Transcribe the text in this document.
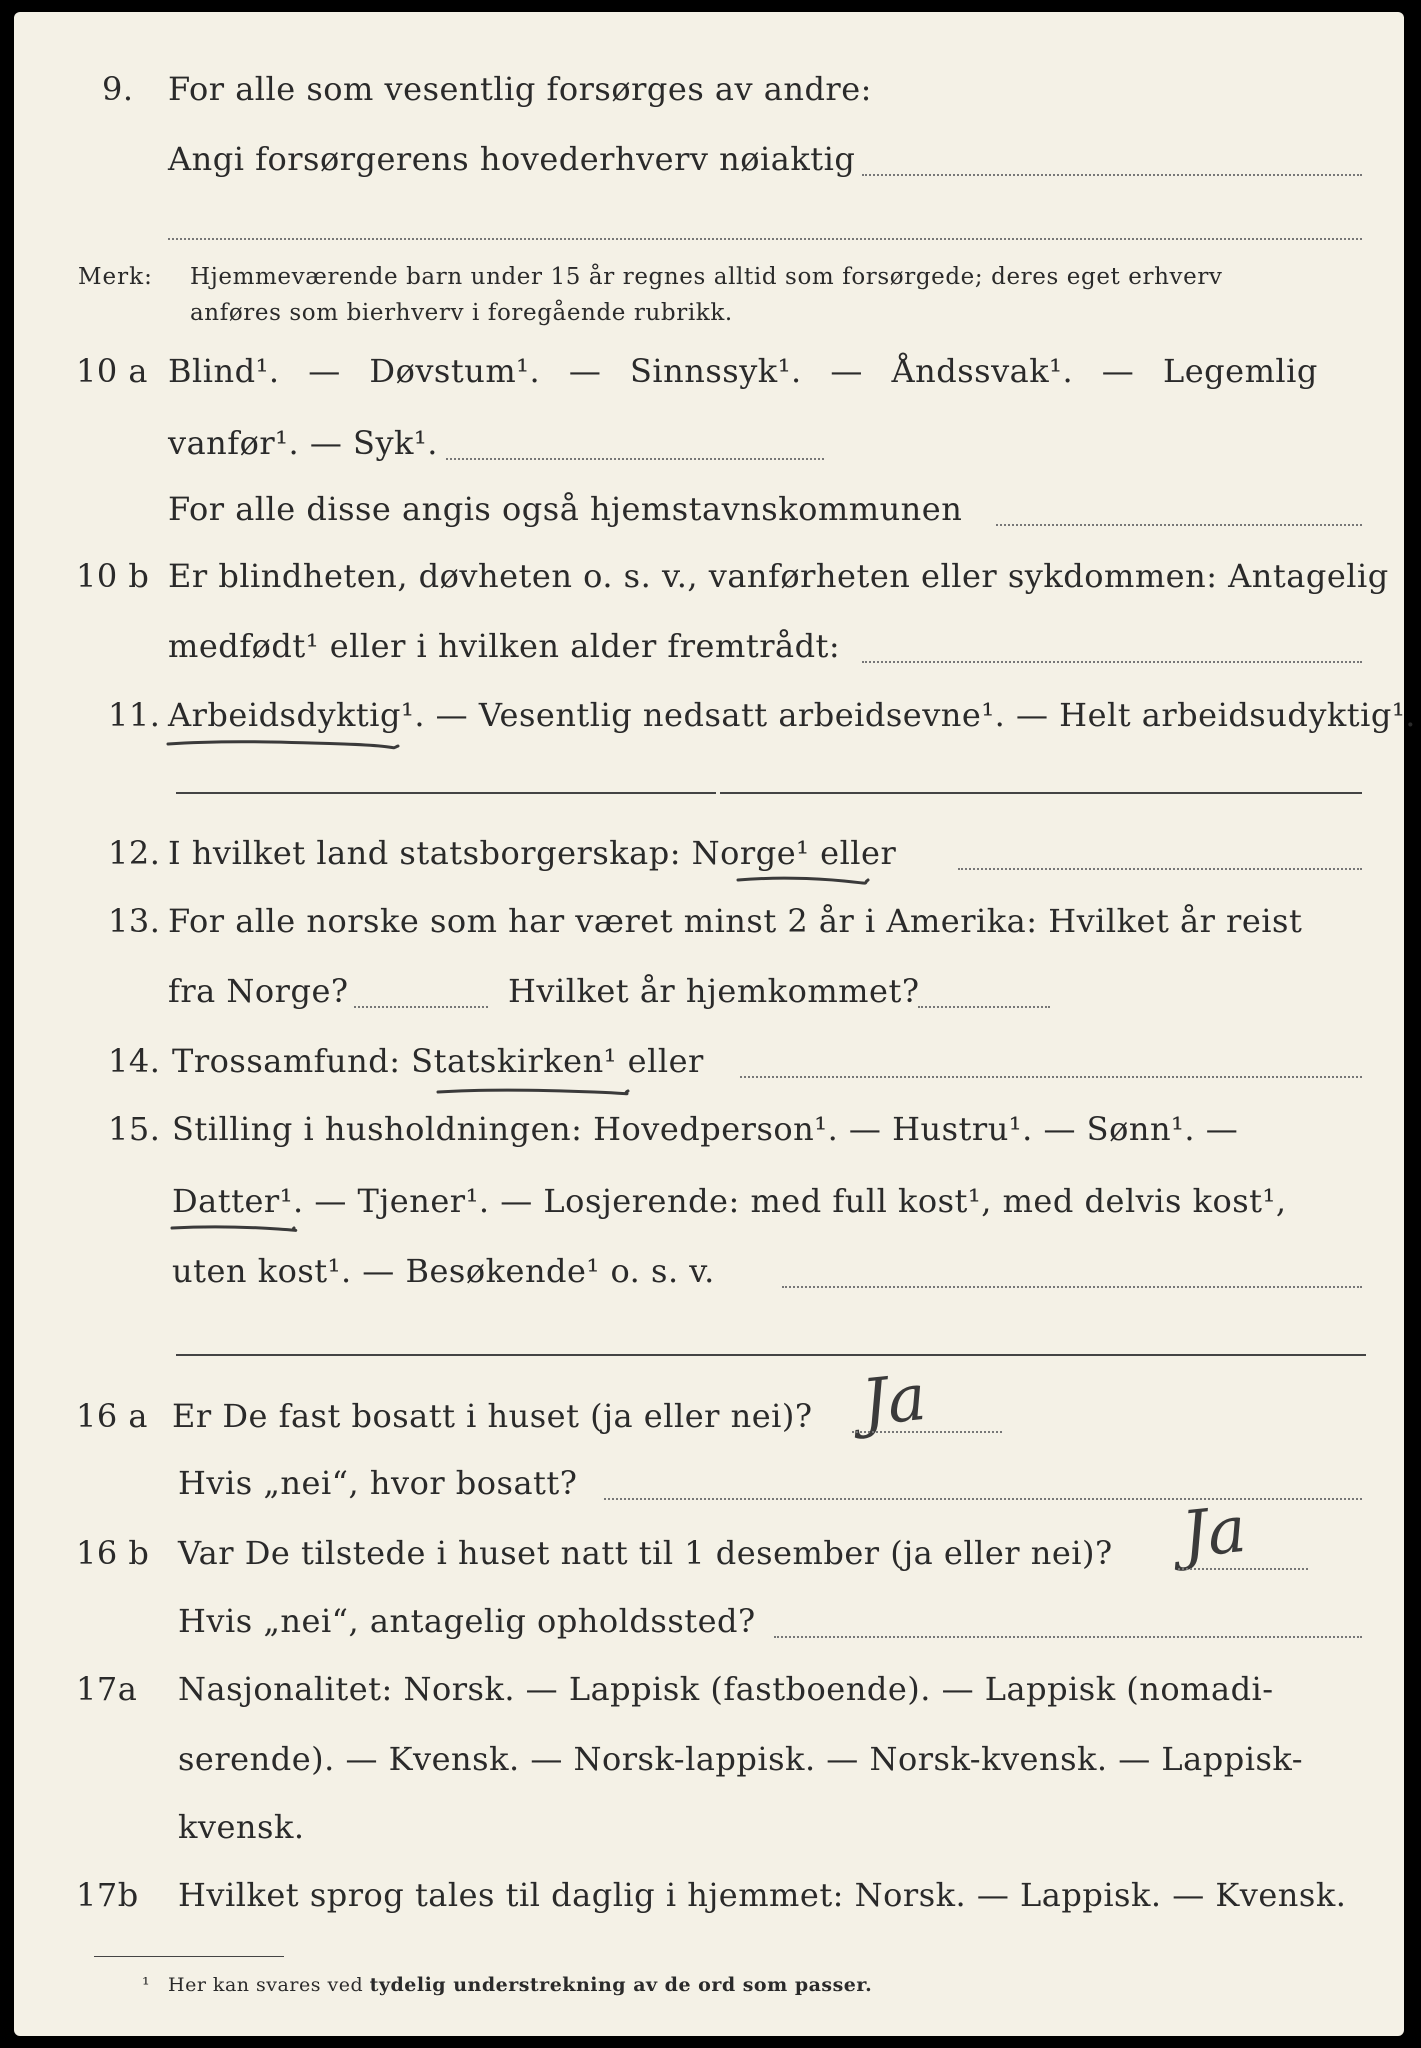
9.	For alle som vesentlig forsørges av andre:
Angi forsørgerens hovederhverv nøiaktig
Merk: Hjemmeværende barn under 15 år regnes alltid som forsørgede; deres eget erhverv
anføres som bierhverv i foregående rubrikk.
10 a Blind¹. — Døvstum¹. — Sinnssyk¹. — Åndssvak¹. — Legemlig
vanfør¹. — Syk¹.
For alle disse angis også hjemstavnskommunen
10 b Er blindheten, døvheten o. s. v., vanførheten eller sykdommen: Antagelig
medfødt¹ eller i hvilken alder fremtrådt:
11. Arbeidsdyktig¹. — Vesentlig nedsatt arbeidsevne¹. — Helt arbeidsudyktig¹.
12. I hvilket land statsborgerskap: Norge¹ eller
13. For alle norske som har været minst 2 år i Amerika: Hvilket år reist
fra Norge?	Hvilket år hjemkommet?
14. Trossamfund: Statskirken¹ eller
15. Stilling i husholdningen: Hovedperson¹. — Hustru¹. — Sønn¹. —
Datter¹. — Tjener¹. — Losjerende: med full kost¹, med delvis kost¹,
uten kost¹. — Besøkende¹ o. s. v.
16 a Er De fast bosatt i huset (ja eller nei)? Ja
Hvis „nei“, hvor bosatt?
16 b Var De tilstede i huset natt til 1 desember (ja eller nei)? Ja
Hvis „nei“, antagelig opholdssted?
17a	Nasjonalitet: Norsk. — Lappisk (fastboende). — Lappisk (nomadi-
serende). — Kvensk. — Norsk-lappisk. — Norsk-kvensk. — Lappisk-
kvensk.
17b	Hvilket sprog tales til daglig i hjemmet: Norsk. — Lappisk. — Kvensk.
¹ Her kan svares ved tydelig understrekning av de ord som passer.
